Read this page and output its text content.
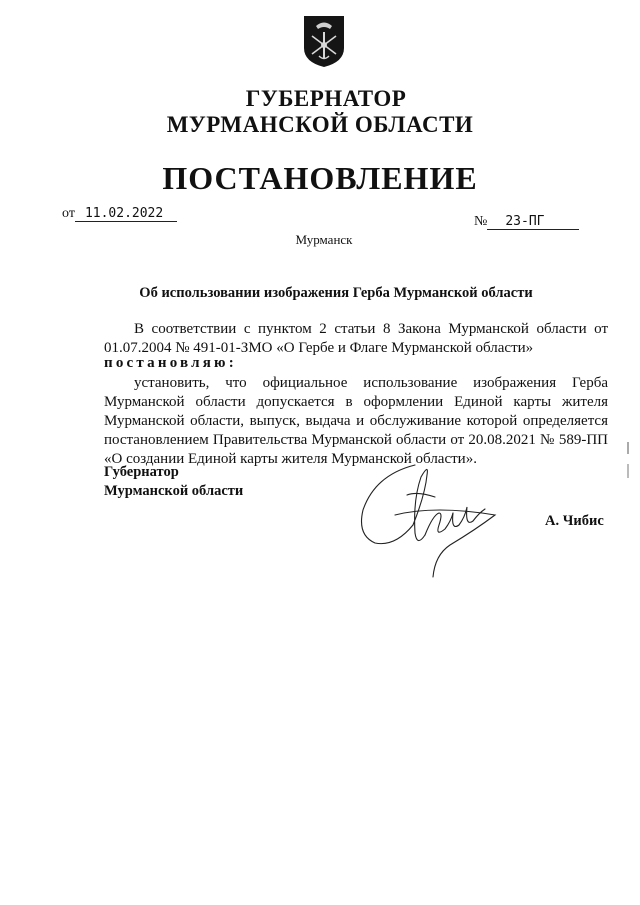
ГУБЕРНАТОР
МУРМАНСКОЙ ОБЛАСТИ
ПОСТАНОВЛЕНИЕ
от 11.02.2022
№ 23-ПГ
Мурманск
Об использовании изображения Герба Мурманской области
В соответствии с пунктом 2 статьи 8 Закона Мурманской области от 01.07.2004 № 491-01-ЗМО «О Гербе и Флаге Мурманской области»
постановляю:
установить, что официальное использование изображения Герба Мурманской области допускается в оформлении Единой карты жителя Мурманской области, выпуск, выдача и обслуживание которой определяется постановлением Правительства Мурманской области от 20.08.2021 № 589-ПП «О создании Единой карты жителя Мурманской области».
Губернатор
Мурманской области
А. Чибис
